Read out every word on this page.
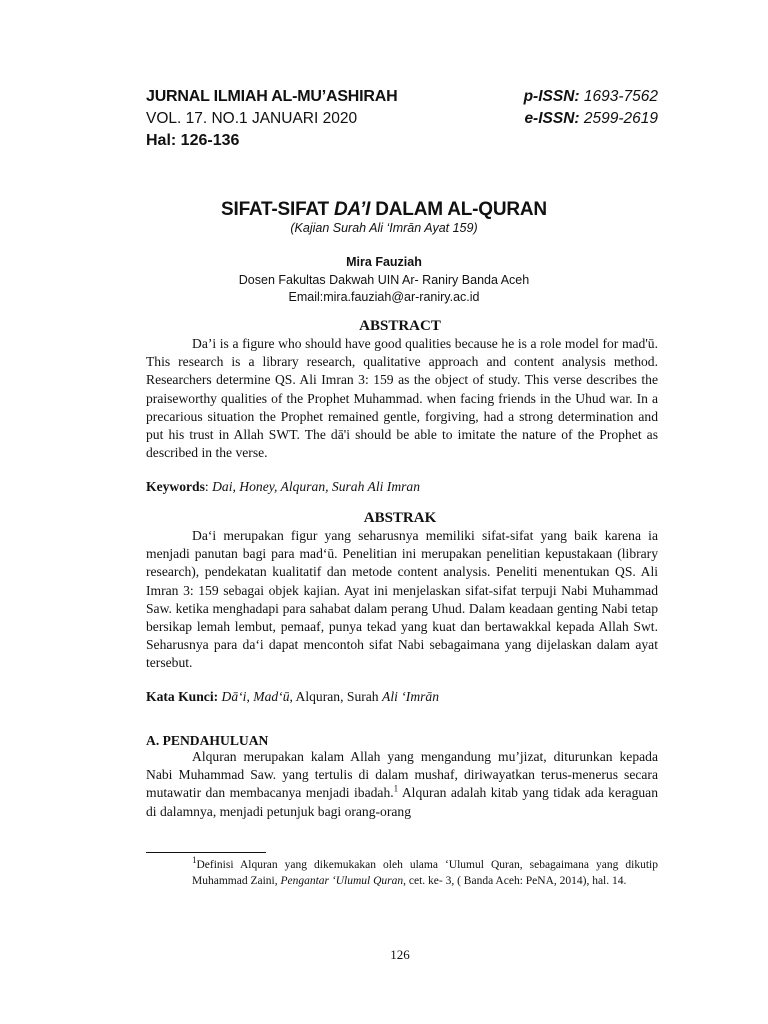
JURNAL ILMIAH AL-MU’ASHIRAH
VOL. 17. NO.1 JANUARI 2020
Hal: 126-136
p-ISSN: 1693-7562
e-ISSN: 2599-2619
SIFAT-SIFAT DA’I DALAM AL-QURAN
(Kajian Surah Ali ‘Imrān Ayat 159)
Mira Fauziah
Dosen Fakultas Dakwah UIN Ar- Raniry Banda Aceh
Email:mira.fauziah@ar-raniry.ac.id
ABSTRACT
Da’i is a figure who should have good qualities because he is a role model for mad'ū. This research is a library research, qualitative approach and content analysis method. Researchers determine QS. Ali Imran 3: 159 as the object of study. This verse describes the praiseworthy qualities of the Prophet Muhammad. when facing friends in the Uhud war. In a precarious situation the Prophet remained gentle, forgiving, had a strong determination and put his trust in Allah SWT. The dā'i should be able to imitate the nature of the Prophet as described in the verse.
Keywords: Dai, Honey, Alquran, Surah Ali Imran
ABSTRAK
Da‘i merupakan figur yang seharusnya memiliki sifat-sifat yang baik karena ia menjadi panutan bagi para mad‘ū. Penelitian ini merupakan penelitian kepustakaan (library research), pendekatan kualitatif dan metode content analysis. Peneliti menentukan QS. Ali Imran 3: 159 sebagai objek kajian. Ayat ini menjelaskan sifat-sifat terpuji Nabi Muhammad Saw. ketika menghadapi para sahabat dalam perang Uhud. Dalam keadaan genting Nabi tetap bersikap lemah lembut, pemaaf, punya tekad yang kuat dan bertawakkal kepada Allah Swt. Seharusnya para da‘i dapat mencontoh sifat Nabi sebagaimana yang dijelaskan dalam ayat tersebut.
Kata Kunci: Dā‘i, Mad‘ū, Alquran, Surah Ali ‘Imrān
A. PENDAHULUAN
Alquran merupakan kalam Allah yang mengandung mu’jizat, diturunkan kepada Nabi Muhammad Saw. yang tertulis di dalam mushaf, diriwayatkan terus-menerus secara mutawatir dan membacanya menjadi ibadah.$^1$ Alquran adalah kitab yang tidak ada keraguan di dalamnya, menjadi petunjuk bagi orang-orang
$^1$Definisi Alquran yang dikemukakan oleh ulama ‘Ulumul Quran, sebagaimana yang dikutip Muhammad Zaini, Pengantar ‘Ulumul Quran, cet. ke- 3, ( Banda Aceh: PeNA, 2014), hal. 14.
126
